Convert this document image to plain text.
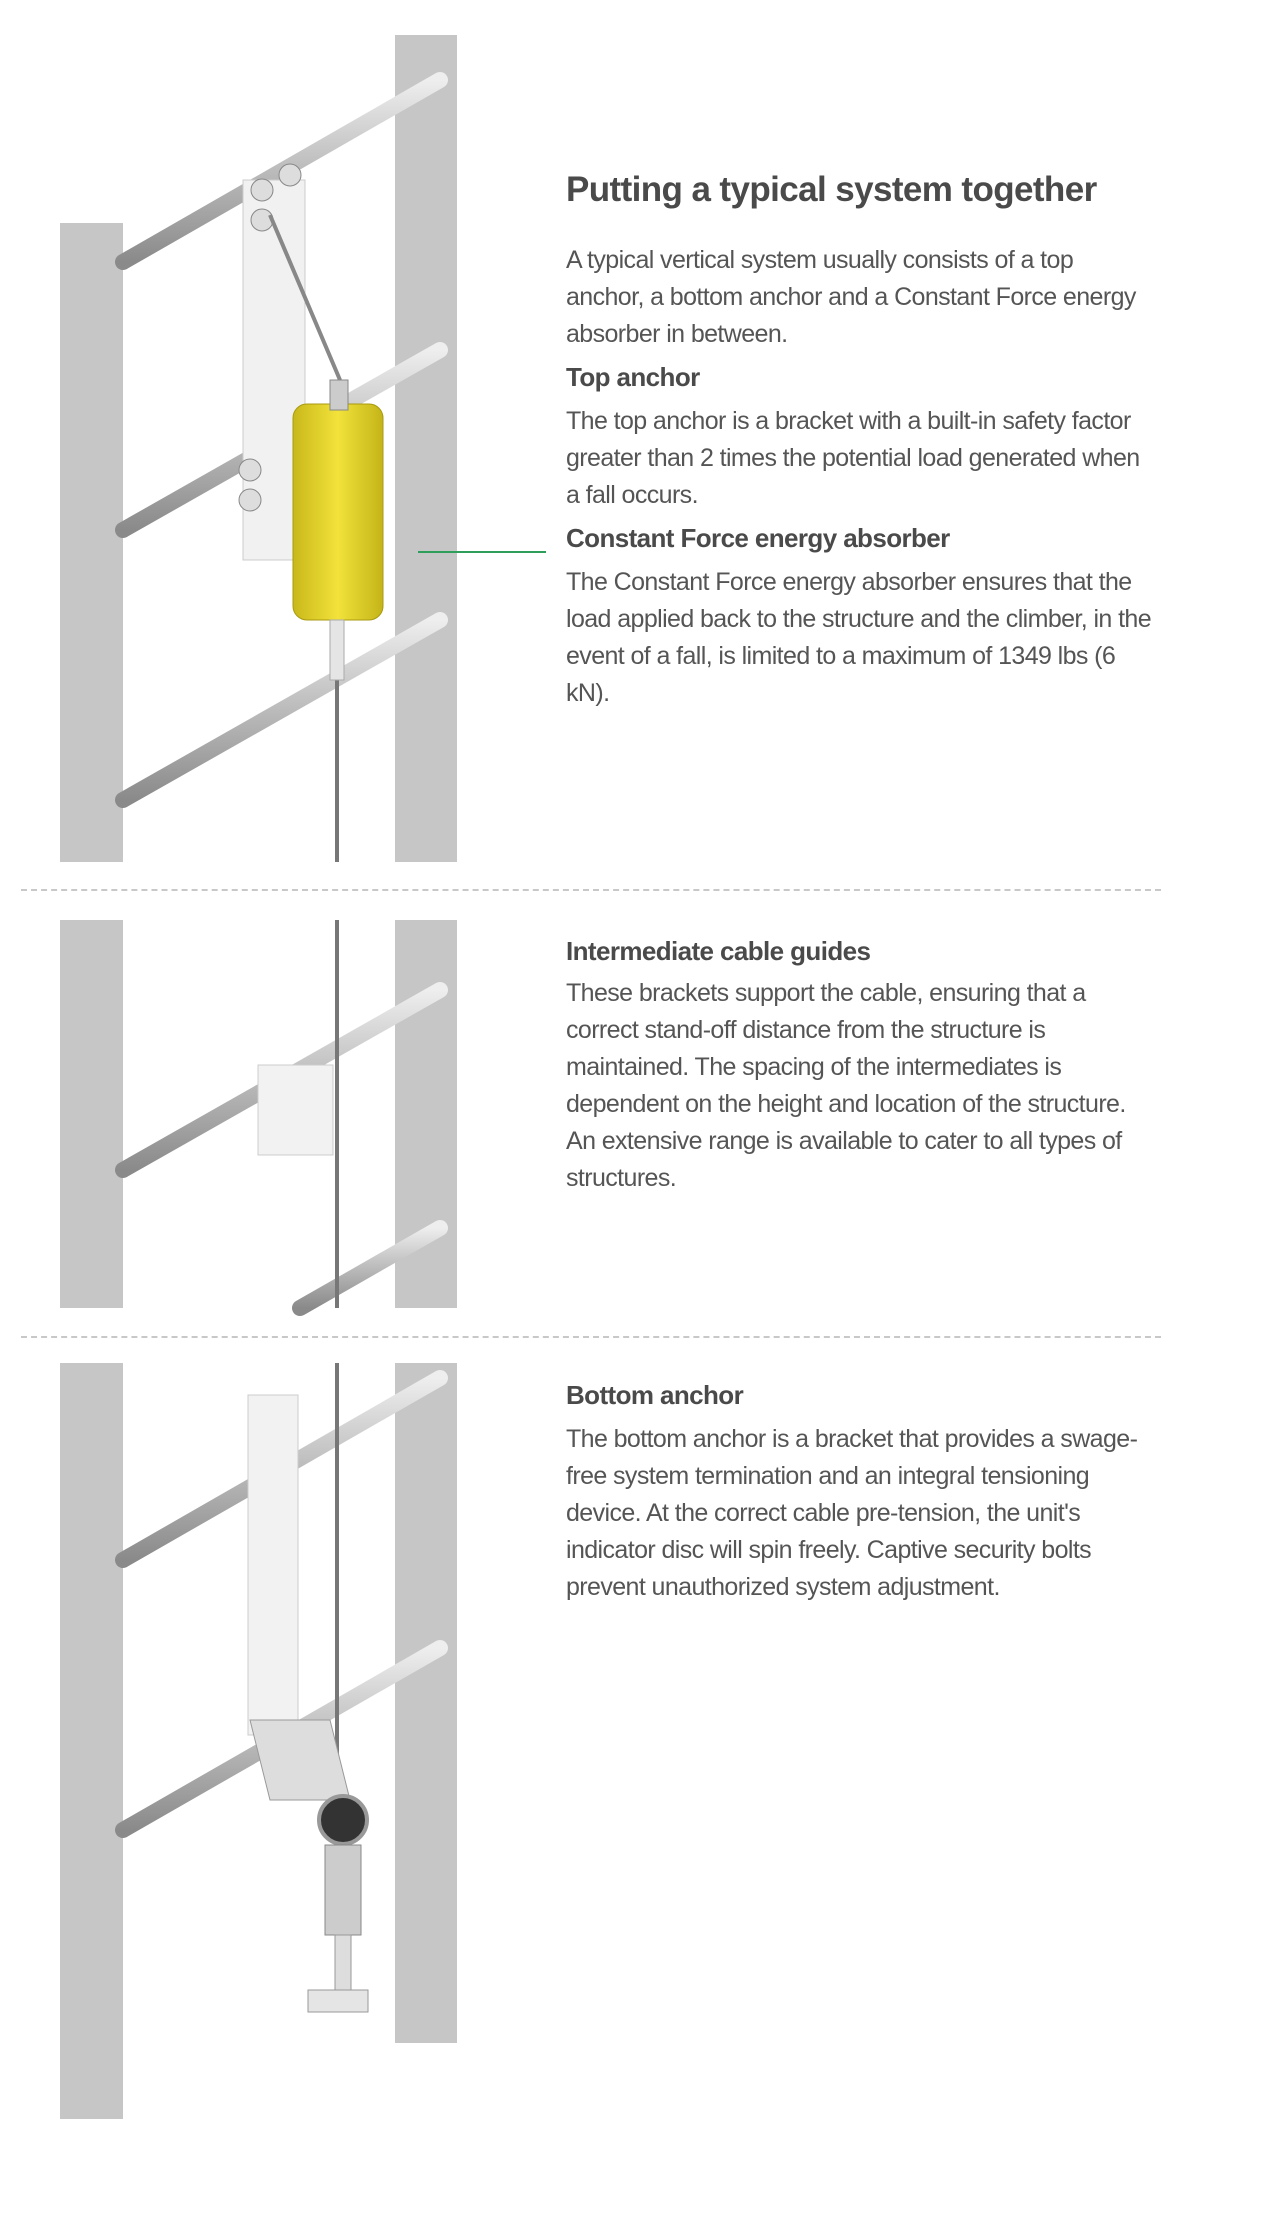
Putting a typical system together

A typical vertical system usually consists of a top anchor, a bottom anchor and a Constant Force energy absorber in between.

Top anchor

The top anchor is a bracket with a built-in safety factor greater than 2 times the potential load generated when a fall occurs.

Constant Force energy absorber

The Constant Force energy absorber ensures that the load applied back to the structure and the climber, in the event of a fall, is limited to a maximum of 1349 lbs (6 kN).

Intermediate cable guides

These brackets support the cable, ensuring that a correct stand-off distance from the structure is maintained. The spacing of the intermediates is dependent on the height and location of the structure. An extensive range is available to cater to all types of structures.

Bottom anchor

The bottom anchor is a bracket that provides a swage-free system termination and an integral tensioning device. At the correct cable pre-tension, the unit's indicator disc will spin freely. Captive security bolts prevent unauthorized system adjustment.
